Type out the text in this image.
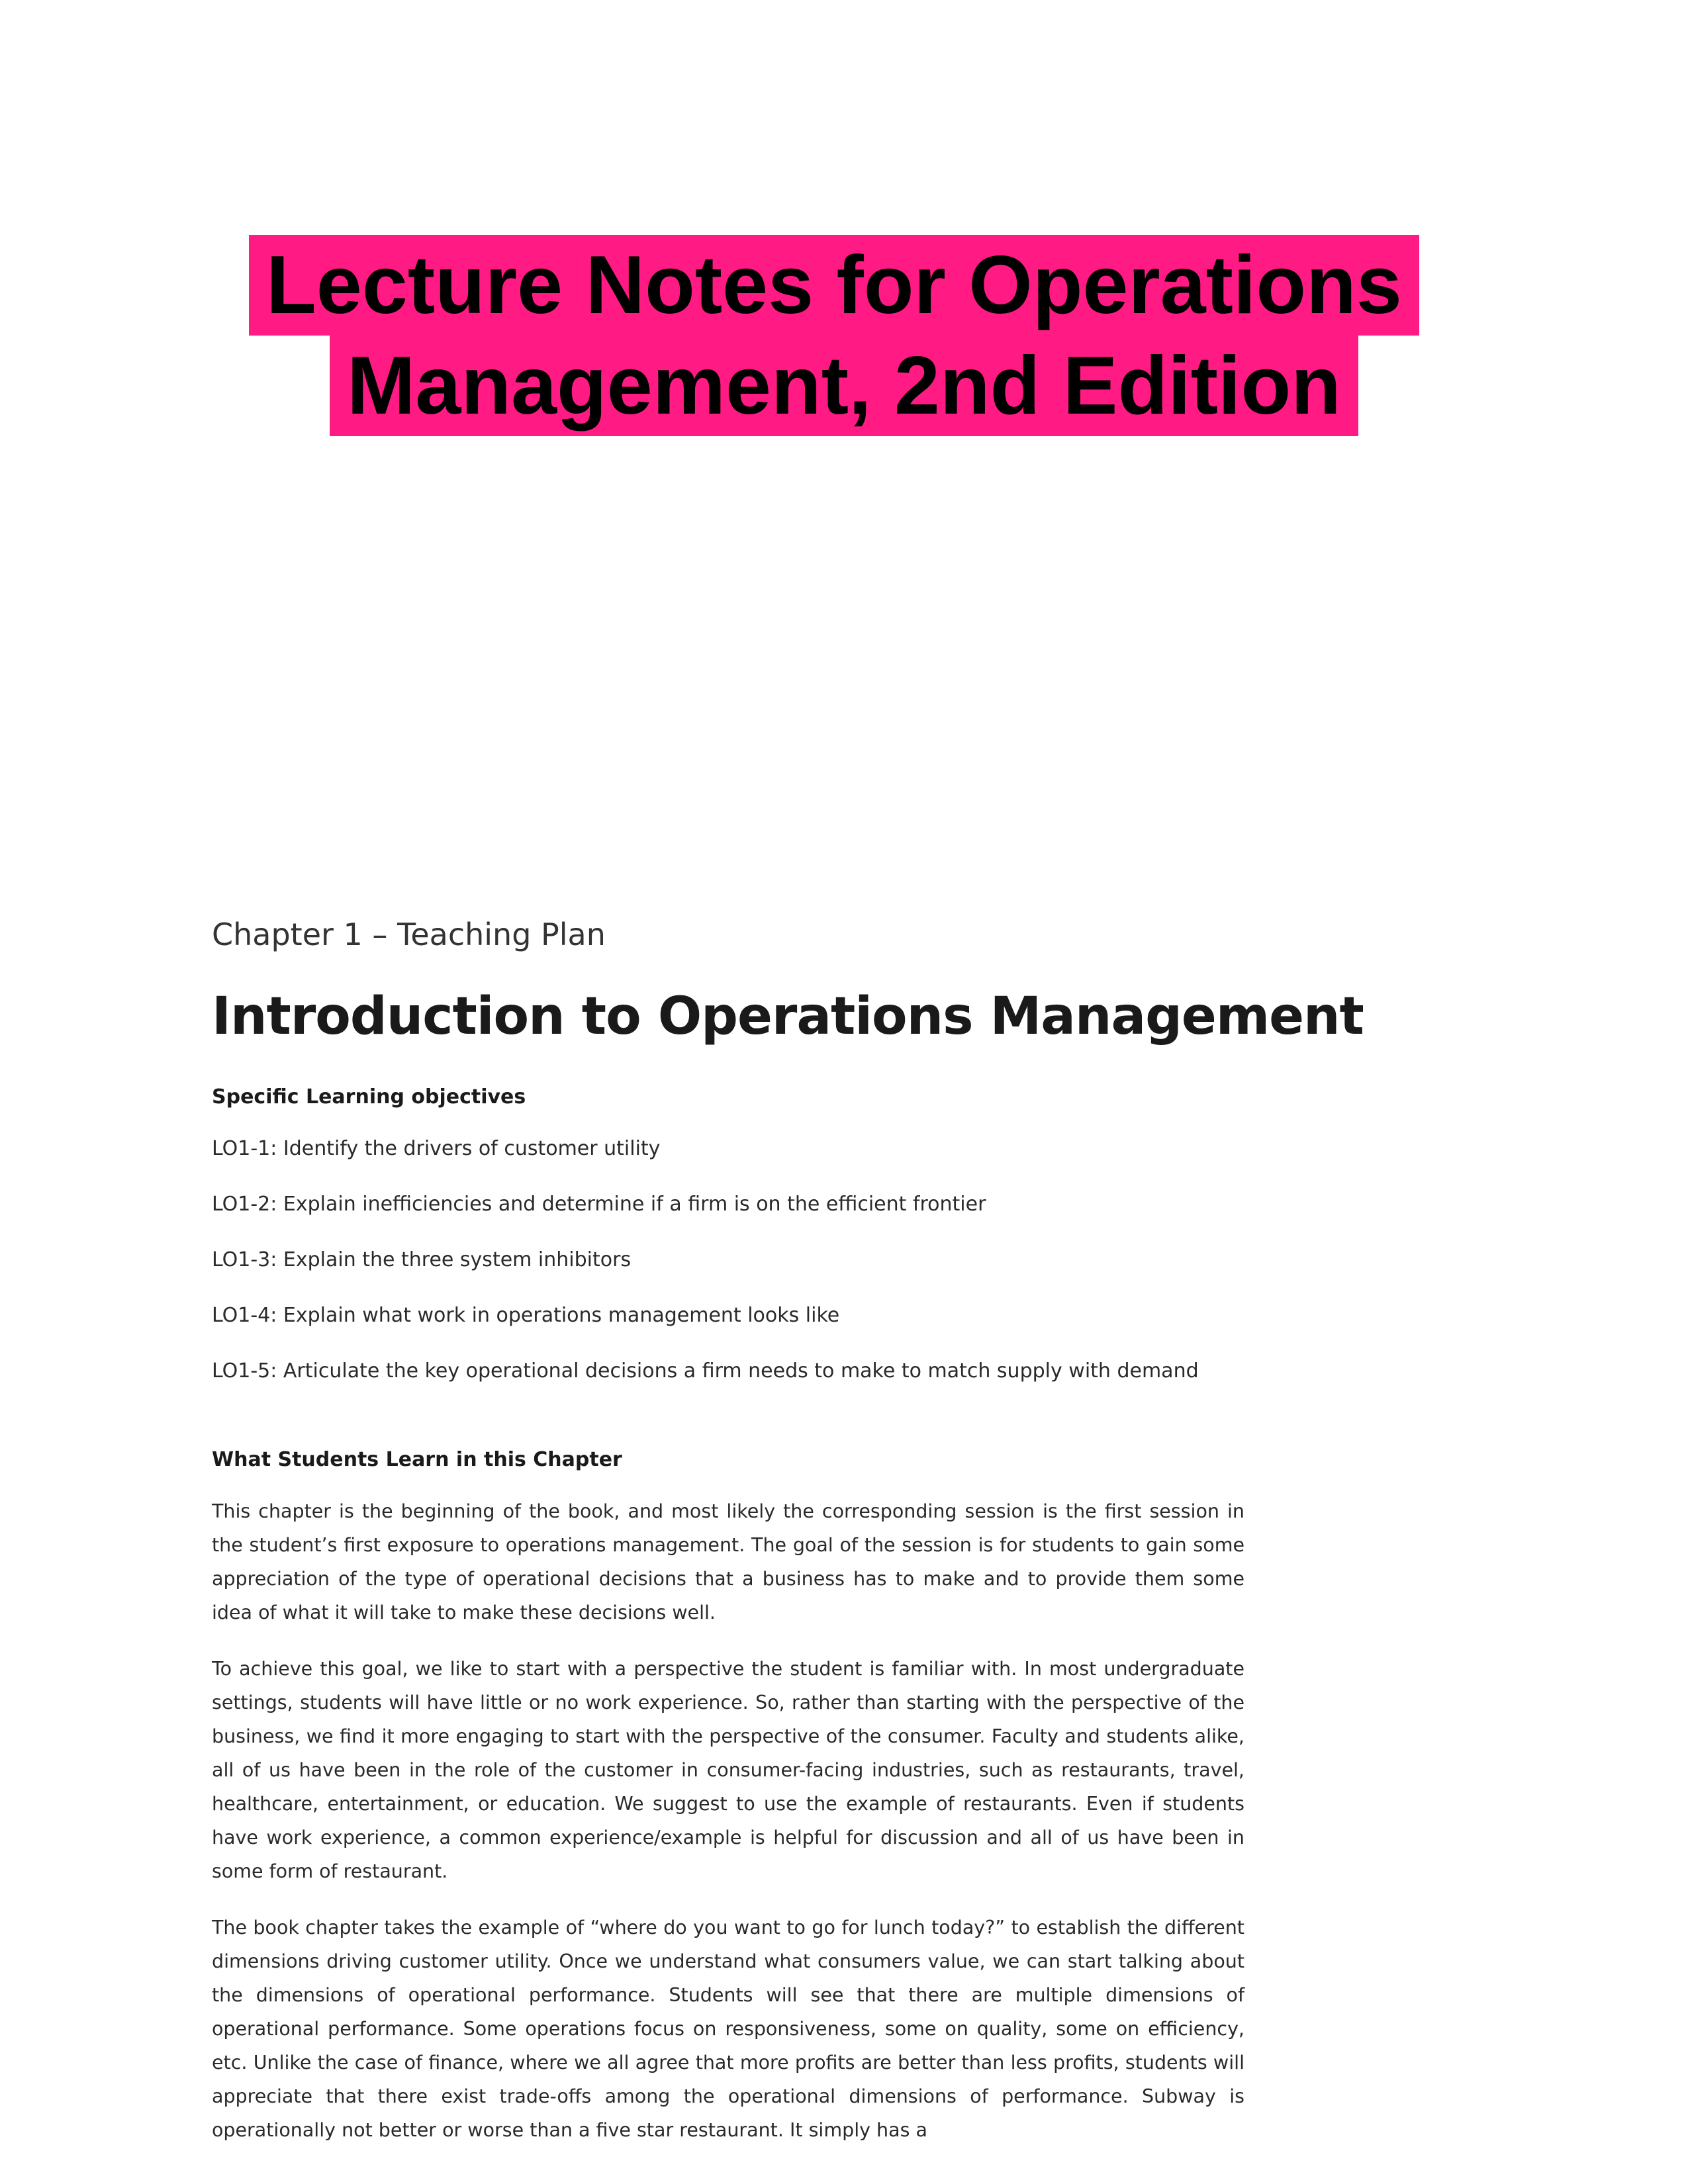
Lecture Notes for Operations
Management, 2nd Edition

Chapter 1 – Teaching Plan

Introduction to Operations Management
Specific Learning objectives
LO1-1: Identify the drivers of customer utility
LO1-2: Explain inefficiencies and determine if a firm is on the efficient frontier
LO1-3: Explain the three system inhibitors
LO1-4: Explain what work in operations management looks like
LO1-5: Articulate the key operational decisions a firm needs to make to match supply with demand
What Students Learn in this Chapter

This chapter is the beginning of the book, and most likely the corresponding session is the first session in the student’s first exposure to operations management. The goal of the session is for students to gain some appreciation of the type of operational decisions that a business has to make and to provide them some idea of what it will take to make these decisions well.

To achieve this goal, we like to start with a perspective the student is familiar with. In most undergraduate settings, students will have little or no work experience. So, rather than starting with the perspective of the business, we find it more engaging to start with the perspective of the consumer. Faculty and students alike, all of us have been in the role of the customer in consumer-facing industries, such as restaurants, travel, healthcare, entertainment, or education. We suggest to use the example of restaurants. Even if students have work experience, a common experience/example is helpful for discussion and all of us have been in some form of restaurant.

The book chapter takes the example of “where do you want to go for lunch today?” to establish the different dimensions driving customer utility. Once we understand what consumers value, we can start talking about the dimensions of operational performance. Students will see that there are multiple dimensions of operational performance. Some operations focus on responsiveness, some on quality, some on efficiency, etc. Unlike the case of finance, where we all agree that more profits are better than less profits, students will appreciate that there exist trade-offs among the operational dimensions of performance. Subway is operationally not better or worse than a five star restaurant. It simply has a
